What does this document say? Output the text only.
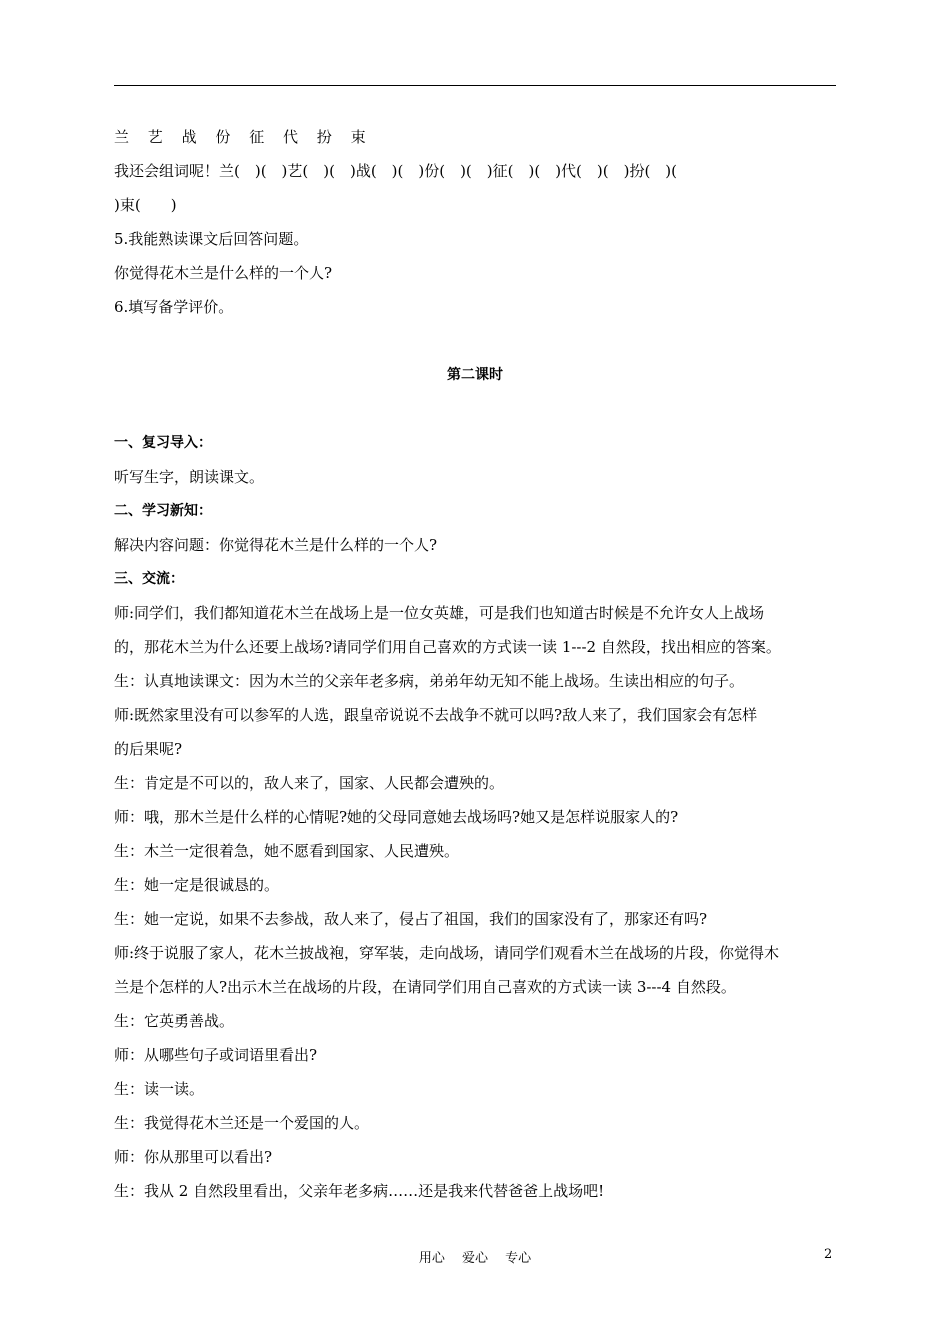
兰 艺 战 份 征 代 扮 束
我还会组词呢！兰(　)(　)艺(　)(　)战(　)(　)份(　)(　)征(　)(　)代(　)(　)扮(　)(
)束(　　)
5.我能熟读课文后回答问题。
你觉得花木兰是什么样的一个人?
6.填写备学评价。
第二课时
一、复习导入：
听写生字，朗读课文。
二、学习新知：
解决内容问题：你觉得花木兰是什么样的一个人?
三、交流：
师:同学们，我们都知道花木兰在战场上是一位女英雄，可是我们也知道古时候是不允许女人上战场
的，那花木兰为什么还要上战场?请同学们用自己喜欢的方式读一读 1---2 自然段，找出相应的答案。
生：认真地读课文：因为木兰的父亲年老多病，弟弟年幼无知不能上战场。生读出相应的句子。
师:既然家里没有可以参军的人选，跟皇帝说说不去战争不就可以吗?敌人来了，我们国家会有怎样
的后果呢?
生：肯定是不可以的，敌人来了，国家、人民都会遭殃的。
师：哦，那木兰是什么样的心情呢?她的父母同意她去战场吗?她又是怎样说服家人的?
生：木兰一定很着急，她不愿看到国家、人民遭殃。
生：她一定是很诚恳的。
生：她一定说，如果不去参战，敌人来了，侵占了祖国，我们的国家没有了，那家还有吗?
师:终于说服了家人，花木兰披战袍，穿军装，走向战场，请同学们观看木兰在战场的片段，你觉得木
兰是个怎样的人?出示木兰在战场的片段，在请同学们用自己喜欢的方式读一读 3---4 自然段。
生：它英勇善战。
师：从哪些句子或词语里看出?
生：读一读。
生：我觉得花木兰还是一个爱国的人。
师：你从那里可以看出?
生：我从 2 自然段里看出，父亲年老多病……还是我来代替爸爸上战场吧!
用心　 爱心　 专心	2
